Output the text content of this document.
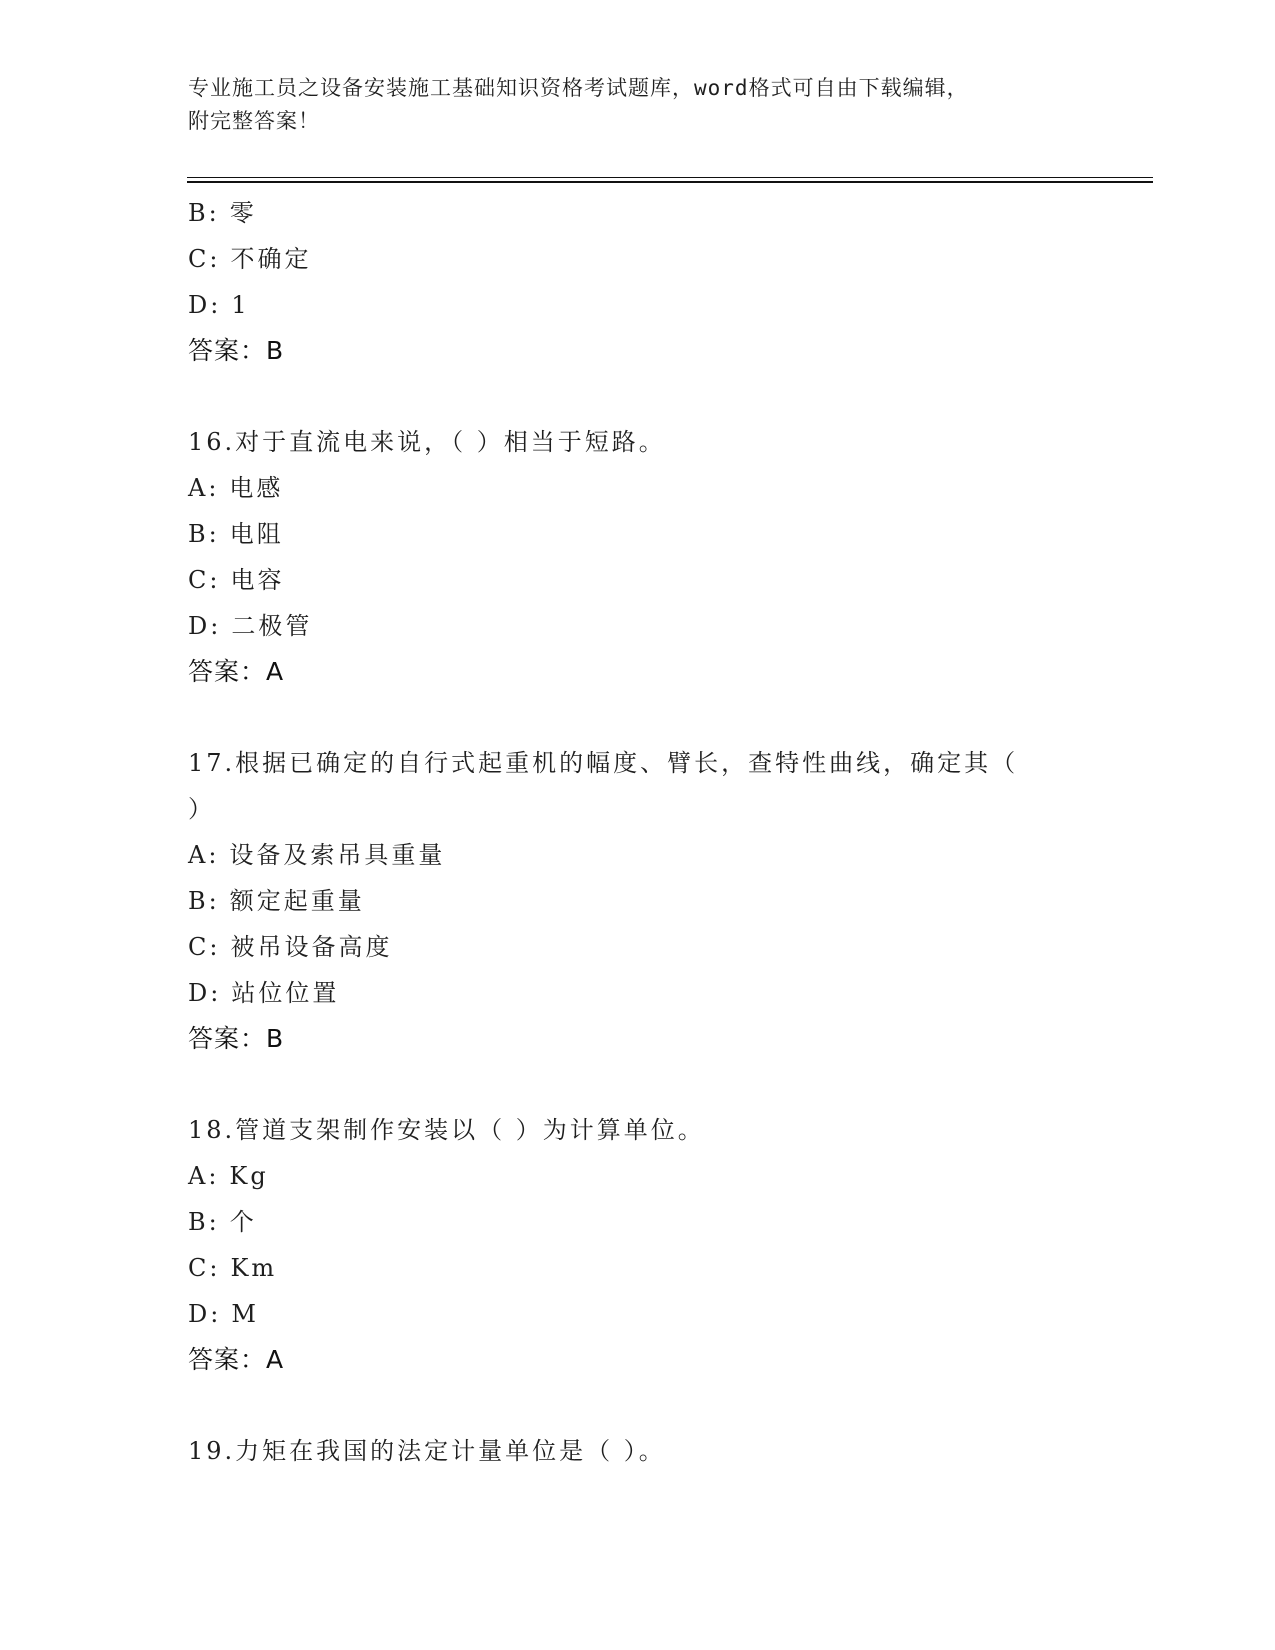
专业施工员之设备安装施工基础知识资格考试题库，word格式可自由下载编辑，
附完整答案！
B: 零
C: 不确定
D: 1
答案：B
16.对于直流电来说，（ ）相当于短路。
A: 电感
B: 电阻
C: 电容
D: 二极管
答案：A
17.根据已确定的自行式起重机的幅度、臂长，查特性曲线，确定其（
）
A: 设备及索吊具重量
B: 额定起重量
C: 被吊设备高度
D: 站位位置
答案：B
18.管道支架制作安装以（ ）为计算单位。
A: Kg
B: 个
C: Km
D: M
答案：A
19.力矩在我国的法定计量单位是（ ）。
